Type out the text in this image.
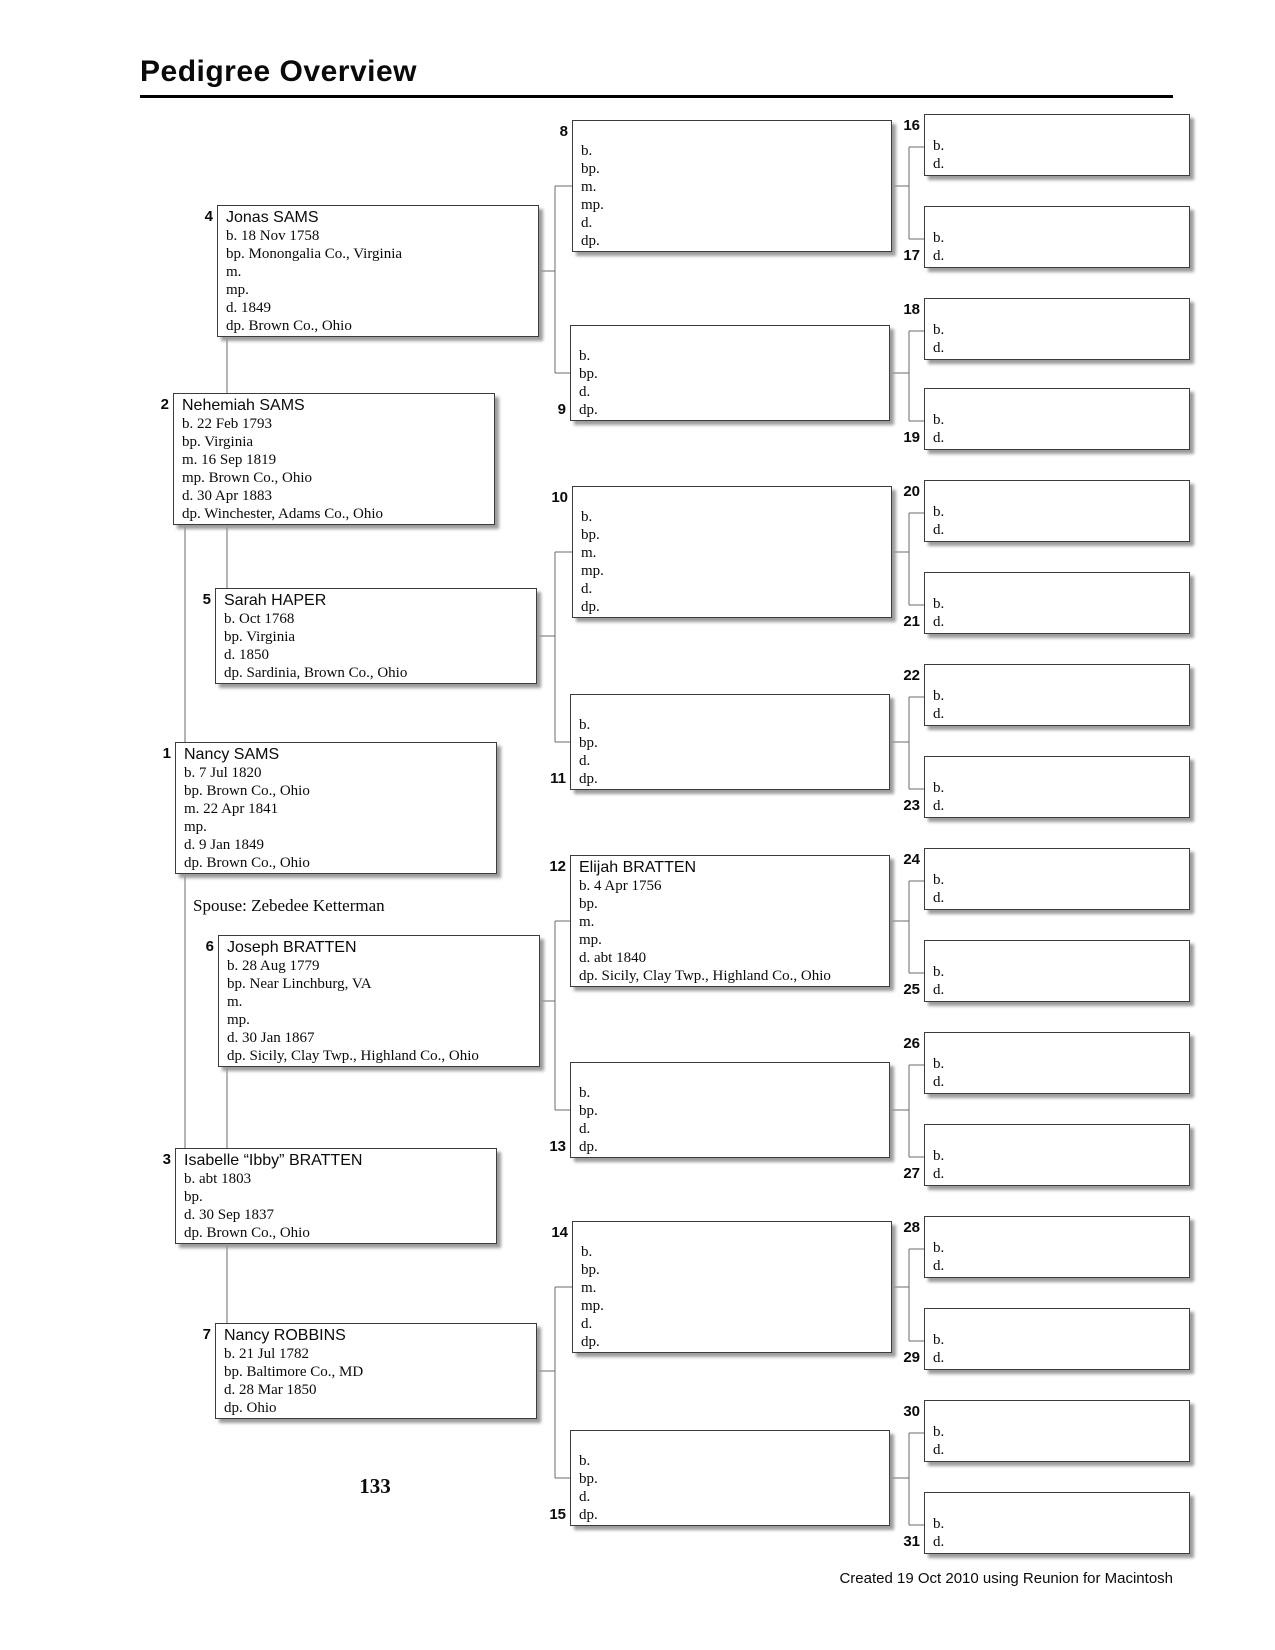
Pedigree Overview
4 Jonas SAMS
b. 18 Nov 1758
bp. Monongalia Co., Virginia
m.
mp.
d. 1849
dp. Brown Co., Ohio
2 Nehemiah SAMS
b. 22 Feb 1793
bp. Virginia
m. 16 Sep 1819
mp. Brown Co., Ohio
d. 30 Apr 1883
dp. Winchester, Adams Co., Ohio
5 Sarah HAPER
b. Oct 1768
bp. Virginia
d. 1850
dp. Sardinia, Brown Co., Ohio
1 Nancy SAMS
b. 7 Jul 1820
bp. Brown Co., Ohio
m. 22 Apr 1841
mp.
d. 9 Jan 1849
dp. Brown Co., Ohio
Spouse: Zebedee Ketterman
6 Joseph BRATTEN
b. 28 Aug 1779
bp. Near Linchburg, VA
m.
mp.
d. 30 Jan 1867
dp. Sicily, Clay Twp., Highland Co., Ohio
3 Isabelle “Ibby” BRATTEN
b. abt 1803
bp.
d. 30 Sep 1837
dp. Brown Co., Ohio
7 Nancy ROBBINS
b. 21 Jul 1782
bp. Baltimore Co., MD
d. 28 Mar 1850
dp. Ohio
8
b.
bp.
m.
mp.
d.
dp.
9
b.
bp.
d.
dp.
10
b.
bp.
m.
mp.
d.
dp.
11
b.
bp.
d.
dp.
12 Elijah BRATTEN
b. 4 Apr 1756
bp.
m.
mp.
d. abt 1840
dp. Sicily, Clay Twp., Highland Co., Ohio
13
b.
bp.
d.
dp.
14
b.
bp.
m.
mp.
d.
dp.
15
b.
bp.
d.
dp.
16
b.
d.
17
b.
d.
18
b.
d.
19
b.
d.
20
b.
d.
21
b.
d.
22
b.
d.
23
b.
d.
24
b.
d.
25
b.
d.
26
b.
d.
27
b.
d.
28
b.
d.
29
b.
d.
30
b.
d.
31
b.
d.
133
Created 19 Oct 2010 using Reunion for Macintosh
